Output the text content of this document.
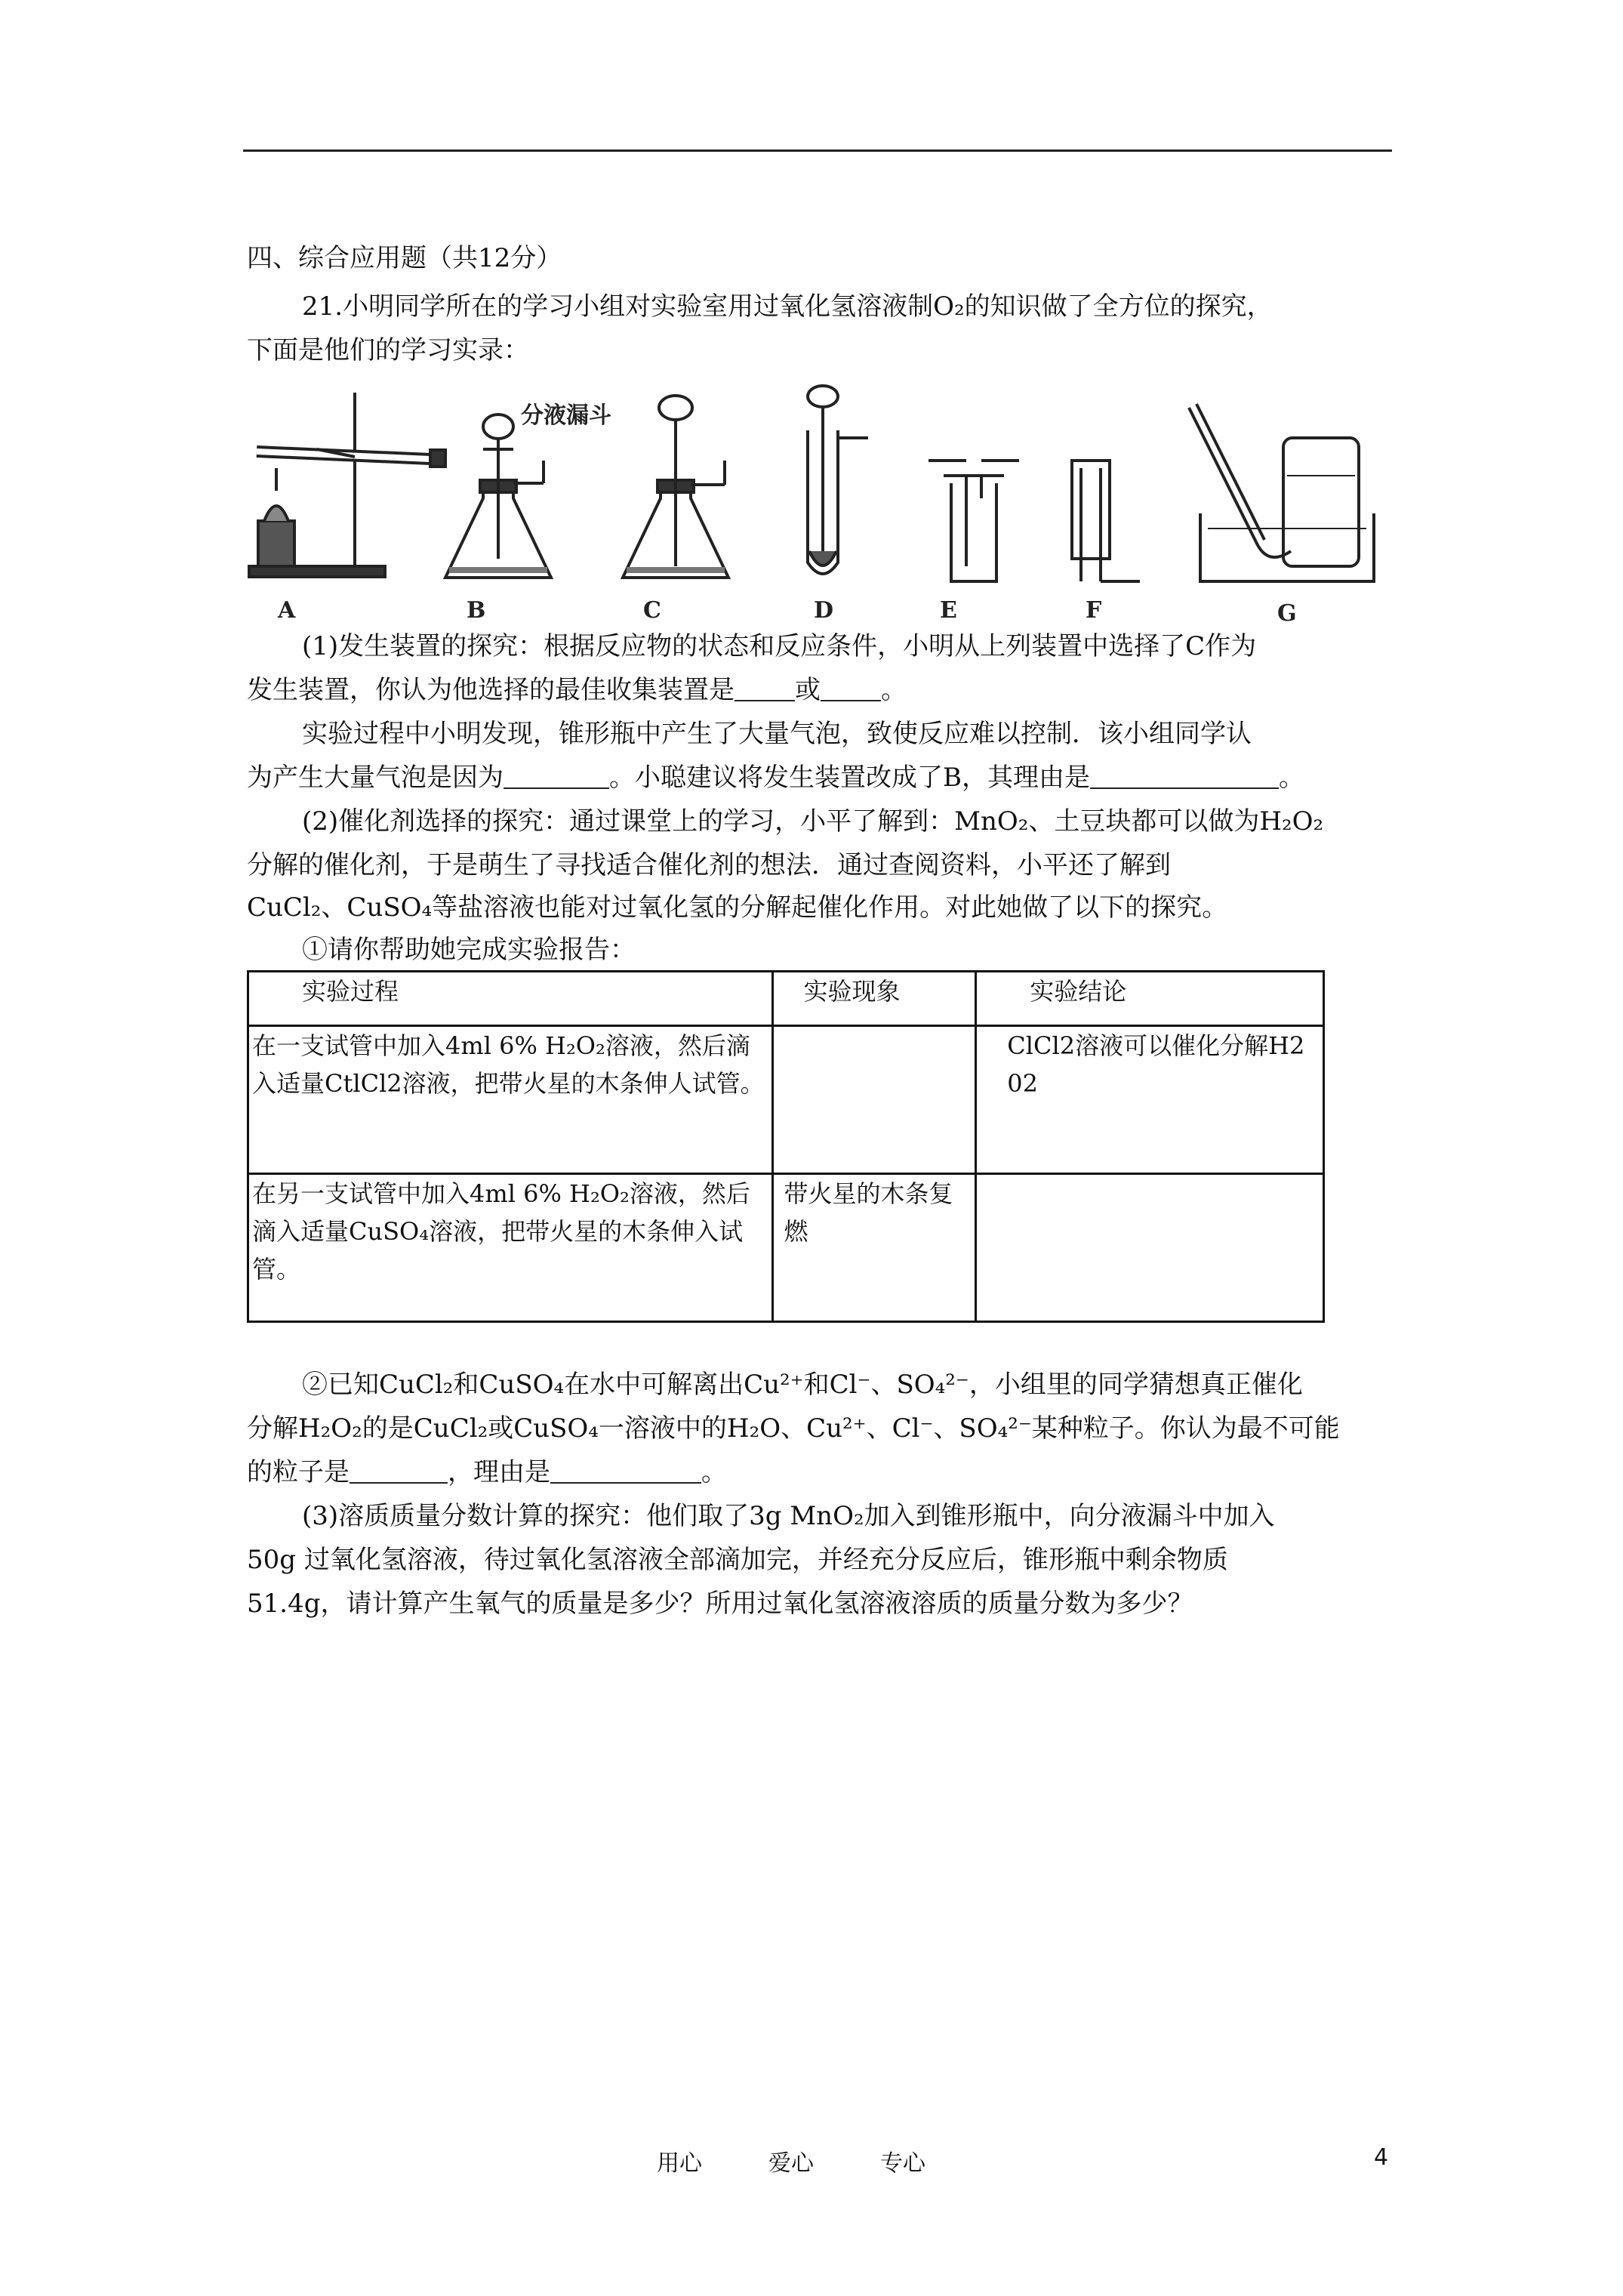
四、综合应用题（共12分）
21.小明同学所在的学习小组对实验室用过氧化氢溶液制O₂的知识做了全方位的探究，
下面是他们的学习实录：
分液漏斗
A	B	C	D	E	F	G
(1)发生装置的探究：根据反应物的状态和反应条件，小明从上列装置中选择了C作为
发生装置，你认为他选择的最佳收集装置是 或 。
实验过程中小明发现，锥形瓶中产生了大量气泡，致使反应难以控制．该小组同学认
为产生大量气泡是因为	。小聪建议将发生装置改成了B，其理由是	。
(2)催化剂选择的探究：通过课堂上的学习，小平了解到：MnO₂、土豆块都可以做为H₂O₂
分解的催化剂，于是萌生了寻找适合催化剂的想法．通过查阅资料，小平还了解到
CuCl₂、CuSO₄等盐溶液也能对过氧化氢的分解起催化作用。对此她做了以下的探究。
①请你帮助她完成实验报告：
实验过程	实验现象	实验结论
在一支试管中加入4ml 6% H₂O₂溶液，然后滴入适量CtlCl2溶液，把带火星的木条伸人试管。		ClCl2溶液可以催化分解H2 02
在另一支试管中加入4ml 6% H₂O₂溶液，然后滴入适量CuSO₄溶液，把带火星的木条伸入试管。	带火星的木条复燃	
②已知CuCl₂和CuSO₄在水中可解离出Cu²⁺和Cl⁻、SO₄²⁻，小组里的同学猜想真正催化
分解H₂O₂的是CuCl₂或CuSO₄一溶液中的H₂O、Cu²⁺、Cl⁻、SO₄²⁻某种粒子。你认为最不可能
的粒子是	，理由是	。
(3)溶质质量分数计算的探究：他们取了3g MnO₂加入到锥形瓶中，向分液漏斗中加入
50g 过氧化氢溶液，待过氧化氢溶液全部滴加完，并经充分反应后，锥形瓶中剩余物质
51.4g，请计算产生氧气的质量是多少？所用过氧化氢溶液溶质的质量分数为多少？
用心	爱心	专心	4
